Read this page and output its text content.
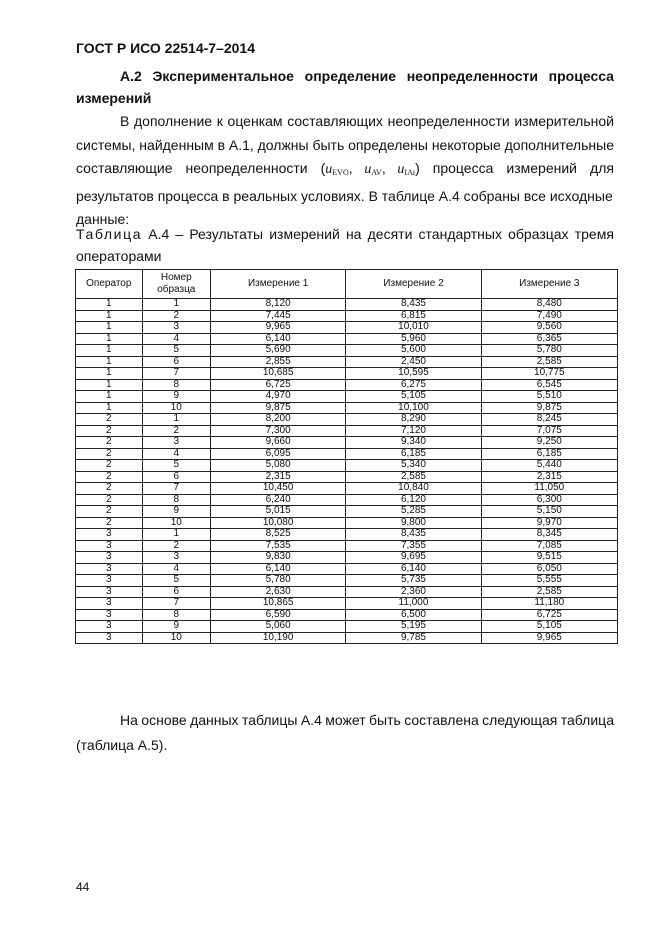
ГОСТ Р ИСО 22514-7–2014
А.2 Экспериментальное определение неопределенности процесса
измерений
В дополнение к оценкам составляющих неопределенности измерительной
системы, найденным в А.1, должны быть определены некоторые дополнительные
составляющие неопределенности ($u_{EVO}$,   $u_{AV}$,   $u_{IAi}$) процесса измерений для
результатов процесса в реальных условиях. В таблице А.4 собраны все исходные
данные:
Таблица А.4 – Результаты измерений на десяти стандартных образцах тремя
операторами
Оператор	Номер образца	Измерение 1	Измерение 2	Измерение 3
1	1	8,120	8,435	8,480
1	2	7,445	6,815	7,490
1	3	9,965	10,010	9,560
1	4	6,140	5,960	6,365
1	5	5,690	5,600	5,780
1	6	2,855	2,450	2,585
1	7	10,685	10,595	10,775
1	8	6,725	6,275	6,545
1	9	4,970	5,105	5,510
1	10	9,875	10,100	9,875
2	1	8,200	8,290	8,245
2	2	7,300	7,120	7,075
2	3	9,660	9,340	9,250
2	4	6,095	6,185	6,185
2	5	5,080	5,340	5,440
2	6	2,315	2,585	2,315
2	7	10,450	10,840	11,050
2	8	6,240	6,120	6,300
2	9	5,015	5,285	5,150
2	10	10,080	9,800	9,970
3	1	8,525	8,435	8,345
3	2	7,535	7,355	7,085
3	3	9,830	9,695	9,515
3	4	6,140	6,140	6,050
3	5	5,780	5,735	5,555
3	6	2,630	2,360	2,585
3	7	10,865	11,000	11,180
3	8	6,590	6,500	6,725
3	9	5,060	5,195	5,105
3	10	10,190	9,785	9,965
На основе данных таблицы А.4 может быть составлена следующая таблица
(таблица А.5).
44
